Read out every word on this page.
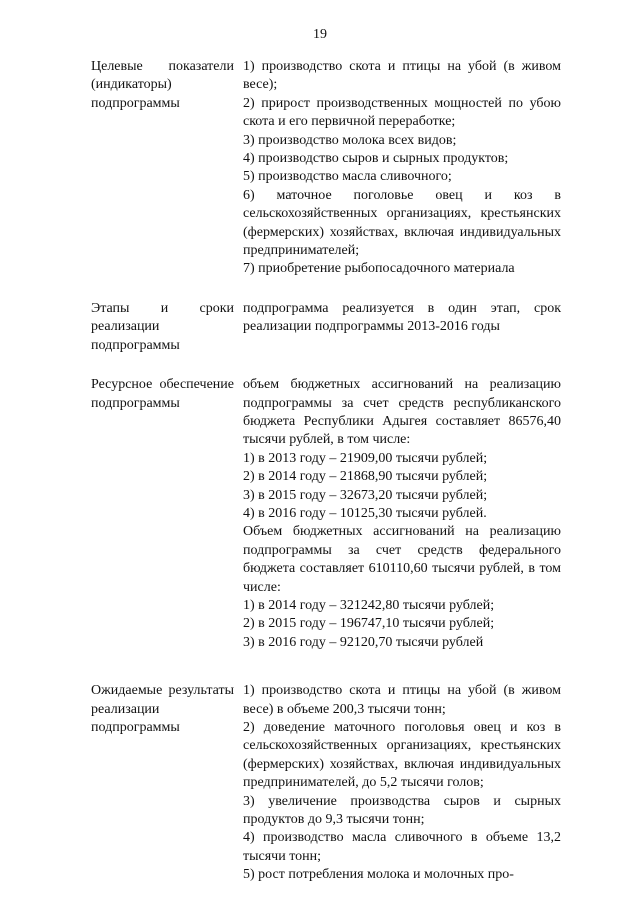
19
Целевые показатели (индикаторы) подпрограммы
1) производство скота и птицы на убой (в живом весе);
2) прирост производственных мощностей по убою скота и его первичной переработке;
3) производство молока всех видов;
4) производство сыров и сырных продуктов;
5) производство масла сливочного;
6) маточное поголовье овец и коз в сельскохозяйственных организациях, крестьянских (фермерских) хозяйствах, включая индивидуальных предпринимателей;
7) приобретение рыбопосадочного материала
Этапы и сроки реализации подпрограммы
подпрограмма реализуется в один этап, срок реализации подпрограммы 2013-2016 годы
Ресурсное обеспечение подпрограммы
объем бюджетных ассигнований на реализацию подпрограммы за счет средств республиканского бюджета Республики Адыгея составляет 86576,40 тысячи рублей, в том числе:
1) в 2013 году – 21909,00 тысячи рублей;
2) в 2014 году – 21868,90 тысячи рублей;
3) в 2015 году – 32673,20 тысячи рублей;
4) в 2016 году – 10125,30 тысячи рублей.
Объем бюджетных ассигнований на реализацию подпрограммы за счет средств федерального бюджета составляет 610110,60 тысячи рублей, в том числе:
1) в 2014 году – 321242,80 тысячи рублей;
2) в 2015 году – 196747,10 тысячи рублей;
3) в 2016 году – 92120,70 тысячи рублей
Ожидаемые результаты реализации подпрограммы
1) производство скота и птицы на убой (в живом весе) в объеме 200,3 тысячи тонн;
2) доведение маточного поголовья овец и коз в сельскохозяйственных организациях, крестьянских (фермерских) хозяйствах, включая индивидуальных предпринимателей, до 5,2 тысячи голов;
3) увеличение производства сыров и сырных продуктов до 9,3 тысячи тонн;
4) производство масла сливочного в объеме 13,2 тысячи тонн;
5) рост потребления молока и молочных про-
